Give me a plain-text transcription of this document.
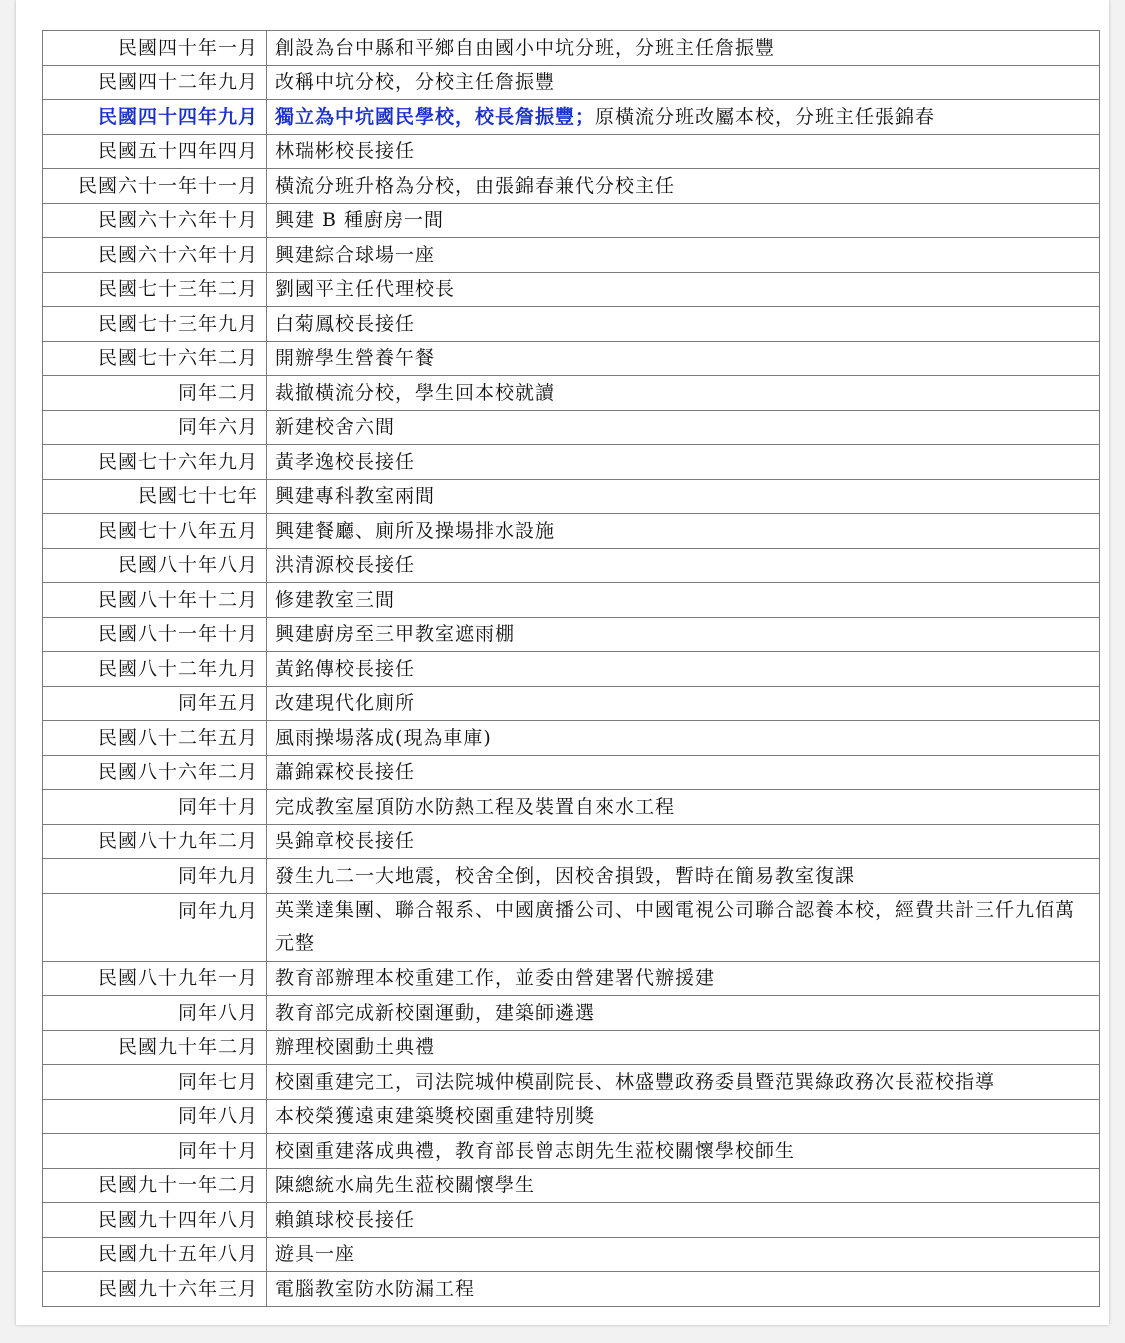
民國四十年一月	創設為台中縣和平鄉自由國小中坑分班，分班主任詹振豐
民國四十二年九月	改稱中坑分校，分校主任詹振豐
民國四十四年九月	獨立為中坑國民學校，校長詹振豐；原橫流分班改屬本校，分班主任張錦春
民國五十四年四月	林瑞彬校長接任
民國六十一年十一月	橫流分班升格為分校，由張錦春兼代分校主任
民國六十六年十月	興建 B 種廚房一間
民國六十六年十月	興建綜合球場一座
民國七十三年二月	劉國平主任代理校長
民國七十三年九月	白菊鳳校長接任
民國七十六年二月	開辦學生營養午餐
同年二月	裁撤橫流分校，學生回本校就讀
同年六月	新建校舍六間
民國七十六年九月	黃孝逸校長接任
民國七十七年	興建專科教室兩間
民國七十八年五月	興建餐廳、廁所及操場排水設施
民國八十年八月	洪清源校長接任
民國八十年十二月	修建教室三間
民國八十一年十月	興建廚房至三甲教室遮雨棚
民國八十二年九月	黃銘傳校長接任
同年五月	改建現代化廁所
民國八十二年五月	風雨操場落成(現為車庫)
民國八十六年二月	蕭錦霖校長接任
同年十月	完成教室屋頂防水防熱工程及裝置自來水工程
民國八十九年二月	吳錦章校長接任
同年九月	發生九二一大地震，校舍全倒，因校舍損毀，暫時在簡易教室復課
同年九月	英業達集團、聯合報系、中國廣播公司、中國電視公司聯合認養本校，經費共計三仟九佰萬元整
民國八十九年一月	教育部辦理本校重建工作，並委由營建署代辦援建
同年八月	教育部完成新校園運動，建築師遴選
民國九十年二月	辦理校園動土典禮
同年七月	校園重建完工，司法院城仲模副院長、林盛豐政務委員暨范巽綠政務次長蒞校指導
同年八月	本校榮獲遠東建築獎校園重建特別獎
同年十月	校園重建落成典禮，教育部長曾志朗先生蒞校關懷學校師生
民國九十一年二月	陳總統水扁先生蒞校關懷學生
民國九十四年八月	賴鎮球校長接任
民國九十五年八月	遊具一座
民國九十六年三月	電腦教室防水防漏工程
